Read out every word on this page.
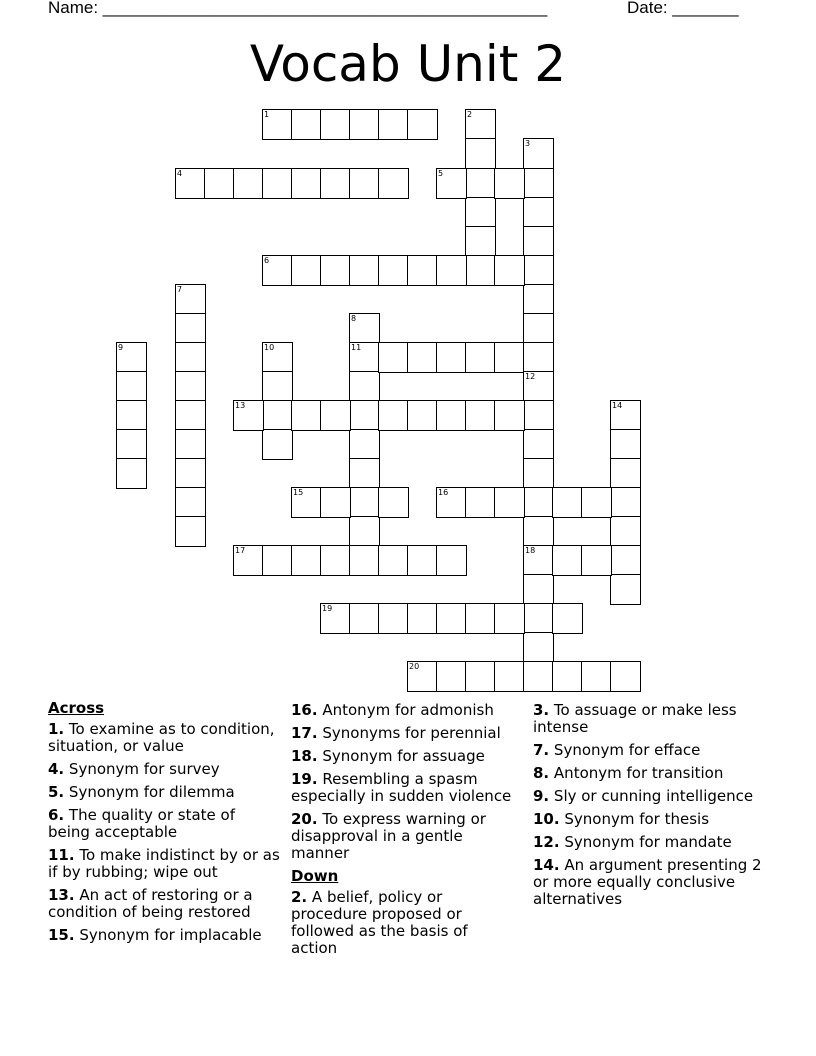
Name: _______________________________________________	Date: _______
Vocab Unit 2
1	2
3
4	5
6
7
8
11
9	10
12
18
13	14
15	16
17
19
20
Across
1. To examine as to condition, situation, or value
4. Synonym for survey
5. Synonym for dilemma
6. The quality or state of being acceptable
11. To make indistinct by or as if by rubbing; wipe out
13. An act of restoring or a condition of being restored
15. Synonym for implacable
16. Antonym for admonish
17. Synonyms for perennial
18. Synonym for assuage
19. Resembling a spasm especially in sudden violence
20. To express warning or disapproval in a gentle manner
Down
2. A belief, policy or procedure proposed or followed as the basis of action
3. To assuage or make less intense
7. Synonym for efface
8. Antonym for transition
9. Sly or cunning intelligence
10. Synonym for thesis
12. Synonym for mandate
14. An argument presenting 2 or more equally conclusive alternatives
